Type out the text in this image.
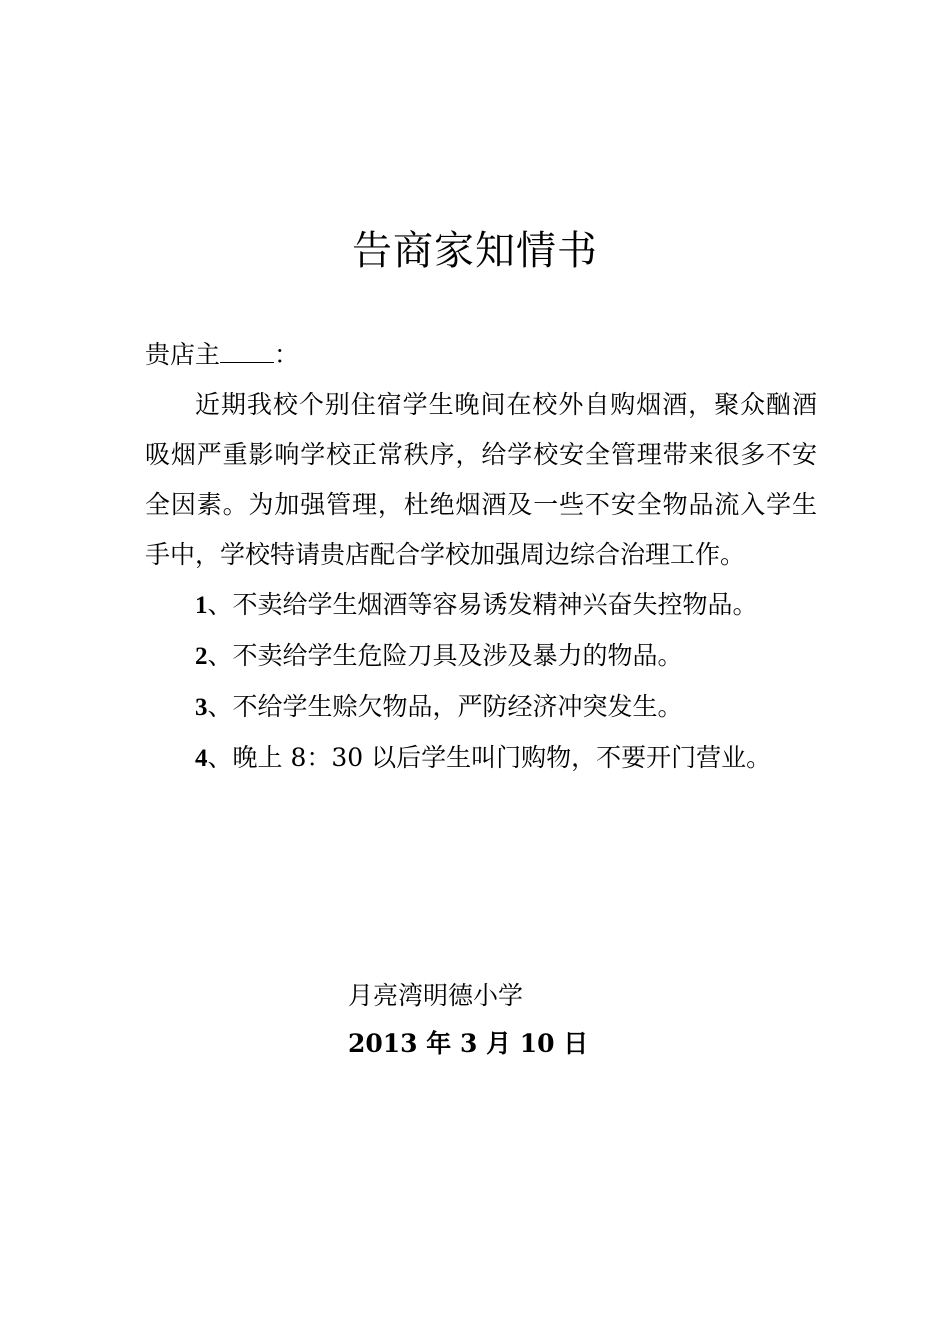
告商家知情书

贵店主 ：

近期我校个别住宿学生晚间在校外自购烟酒，聚众酗酒吸烟严重影响学校正常秩序，给学校安全管理带来很多不安全因素。为加强管理，杜绝烟酒及一些不安全物品流入学生手中，学校特请贵店配合学校加强周边综合治理工作。

1、不卖给学生烟酒等容易诱发精神兴奋失控物品。

2、不卖给学生危险刀具及涉及暴力的物品。

3、不给学生赊欠物品，严防经济冲突发生。

4、晚上 8：30 以后学生叫门购物，不要开门营业。

月亮湾明德小学
2013 年 3 月 10 日
